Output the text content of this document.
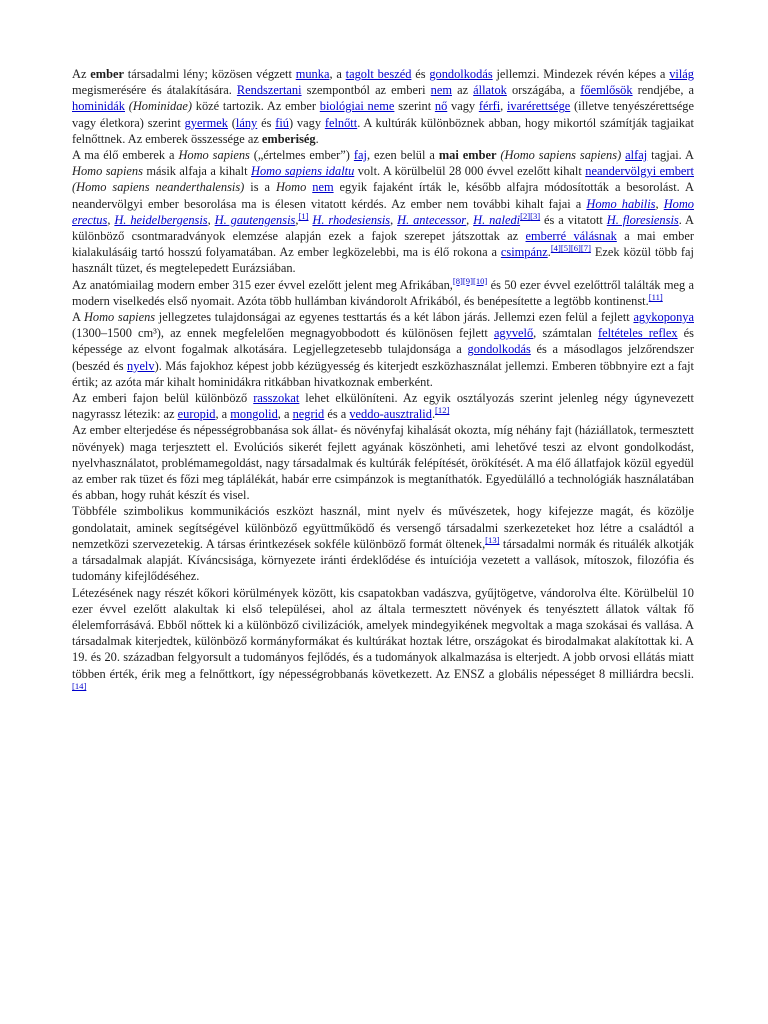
Az ember társadalmi lény; közösen végzett munka, a tagolt beszéd és gondolkodás jellemzi. Mindezek révén képes a világ megismerésére és átalakítására. Rendszertani szempontból az emberi nem az állatok országába, a főemlősök rendjébe, a hominidák (Hominidae) közé tartozik. Az ember biológiai neme szerint nő vagy férfi, ivarérettsége (illetve tenyészérettsége vagy életkora) szerint gyermek (lány és fiú) vagy felnőtt. A kultúrák különböznek abban, hogy mikortól számítják tagjaikat felnőttnek. Az emberek összessége az emberiség.

A ma élő emberek a Homo sapiens („értelmes ember”) faj, ezen belül a mai ember (Homo sapiens sapiens) alfaj tagjai. A Homo sapiens másik alfaja a kihalt Homo sapiens idaltu volt. A körülbelül 28 000 évvel ezelőtt kihalt neandervölgyi embert (Homo sapiens neanderthalensis) is a Homo nem egyik fajaként írták le, később alfajra módosították a besorolást. A neandervölgyi ember besorolása ma is élesen vitatott kérdés. Az ember nem további kihalt fajai a Homo habilis, Homo erectus, H. heidelbergensis, H. gautengensis,[1] H. rhodesiensis, H. antecessor, H. naledi[2][3] és a vitatott H. floresiensis. A különböző csontmaradványok elemzése alapján ezek a fajok szerepet játszottak az emberré válásnak a mai ember kialakulásáig tartó hosszú folyamatában. Az ember legközelebbi, ma is élő rokona a csimpánz.[4][5][6][7] Ezek közül több faj használt tüzet, és megtelepedett Eurázsiában.

Az anatómiailag modern ember 315 ezer évvel ezelőtt jelent meg Afrikában,[8][9][10] és 50 ezer évvel ezelőttről találták meg a modern viselkedés első nyomait. Azóta több hullámban kivándorolt Afrikából, és benépesítette a legtöbb kontinenst.[11]

A Homo sapiens jellegzetes tulajdonságai az egyenes testtartás és a két lábon járás. Jellemzi ezen felül a fejlett agykoponya (1300–1500 cm³), az ennek megfelelően megnagyobbodott és különösen fejlett agyvelő, számtalan feltételes reflex és képessége az elvont fogalmak alkotására. Legjellegzetesebb tulajdonsága a gondolkodás és a másodlagos jelzőrendszer (beszéd és nyelv). Más fajokhoz képest jobb kézügyesség és kiterjedt eszközhasználat jellemzi. Emberen többnyire ezt a fajt értik; az azóta már kihalt hominidákra ritkábban hivatkoznak emberként.

Az emberi fajon belül különböző rasszokat lehet elkülöníteni. Az egyik osztályozás szerint jelenleg négy úgynevezett nagyrassz létezik: az europid, a mongolid, a negrid és a veddo-ausztralid.[12]

Az ember elterjedése és népességrobbanása sok állat- és növényfaj kihalását okozta, míg néhány fajt (háziállatok, termesztett növények) maga terjesztett el. Evolúciós sikerét fejlett agyának köszönheti, ami lehetővé teszi az elvont gondolkodást, nyelvhasználatot, problémamegoldást, nagy társadalmak és kultúrák felépítését, örökítését. A ma élő állatfajok közül egyedül az ember rak tüzet és főzi meg táplálékát, habár erre csimpánzok is megtaníthatók. Egyedülálló a technológiák használatában és abban, hogy ruhát készít és visel.

Többféle szimbolikus kommunikációs eszközt használ, mint nyelv és művészetek, hogy kifejezze magát, és közölje gondolatait, aminek segítségével különböző együttműködő és versengő társadalmi szerkezeteket hoz létre a családtól a nemzetközi szervezetekig. A társas érintkezések sokféle különböző formát öltenek,[13] társadalmi normák és rituálék alkotják a társadalmak alapját. Kíváncsisága, környezete iránti érdeklődése és intuíciója vezetett a vallások, mítoszok, filozófia és tudomány kifejlődéséhez.

Létezésének nagy részét kőkori körülmények között, kis csapatokban vadászva, gyűjtögetve, vándorolva élte. Körülbelül 10 ezer évvel ezelőtt alakultak ki első települései, ahol az általa termesztett növények és tenyésztett állatok váltak fő élelemforrásává. Ebből nőttek ki a különböző civilizációk, amelyek mindegyikének megvoltak a maga szokásai és vallása. A társadalmak kiterjedtek, különböző kormányformákat és kultúrákat hoztak létre, országokat és birodalmakat alakítottak ki. A 19. és 20. században felgyorsult a tudományos fejlődés, és a tudományok alkalmazása is elterjedt. A jobb orvosi ellátás miatt többen érték, érik meg a felnőttkort, így népességrobbanás következett. Az ENSZ a globális népességet 8 milliárdra becsli.[14]
